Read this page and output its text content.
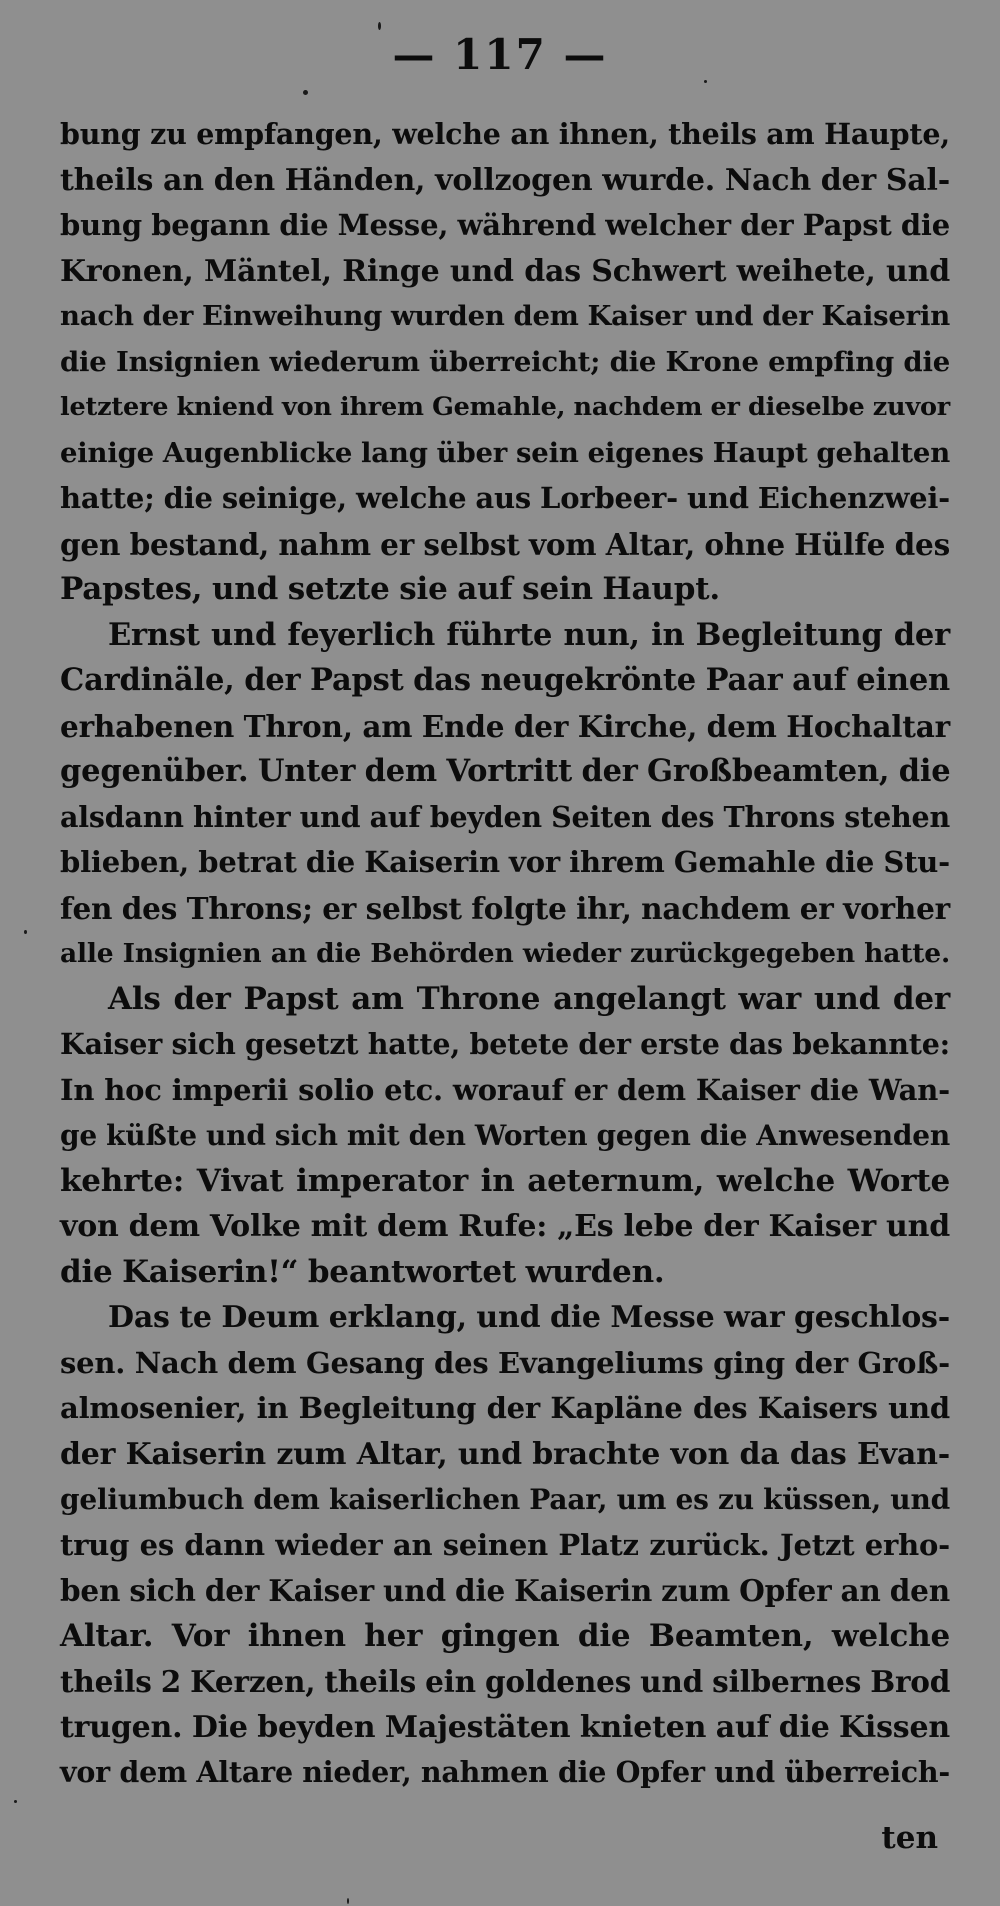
— 117 —
bung zu empfangen, welche an ihnen, theils am Haupte,
theils an den Händen, vollzogen wurde. Nach der Sal-
bung begann die Messe, während welcher der Papst die
Kronen, Mäntel, Ringe und das Schwert weihete, und
nach der Einweihung wurden dem Kaiser und der Kaiserin
die Insignien wiederum überreicht; die Krone empfing die
letztere kniend von ihrem Gemahle, nachdem er dieselbe zuvor
einige Augenblicke lang über sein eigenes Haupt gehalten
hatte; die seinige, welche aus Lorbeer- und Eichenzwei-
gen bestand, nahm er selbst vom Altar, ohne Hülfe des
Papstes, und setzte sie auf sein Haupt.
Ernst und feyerlich führte nun, in Begleitung der
Cardinäle, der Papst das neugekrönte Paar auf einen
erhabenen Thron, am Ende der Kirche, dem Hochaltar
gegenüber. Unter dem Vortritt der Großbeamten, die
alsdann hinter und auf beyden Seiten des Throns stehen
blieben, betrat die Kaiserin vor ihrem Gemahle die Stu-
fen des Throns; er selbst folgte ihr, nachdem er vorher
alle Insignien an die Behörden wieder zurückgegeben hatte.
Als der Papst am Throne angelangt war und der
Kaiser sich gesetzt hatte, betete der erste das bekannte:
In hoc imperii solio etc. worauf er dem Kaiser die Wan-
ge küßte und sich mit den Worten gegen die Anwesenden
kehrte: Vivat imperator in aeternum, welche Worte
von dem Volke mit dem Rufe: „Es lebe der Kaiser und
die Kaiserin!“ beantwortet wurden.
Das te Deum erklang, und die Messe war geschlos-
sen. Nach dem Gesang des Evangeliums ging der Groß-
almosenier, in Begleitung der Kapläne des Kaisers und
der Kaiserin zum Altar, und brachte von da das Evan-
geliumbuch dem kaiserlichen Paar, um es zu küssen, und
trug es dann wieder an seinen Platz zurück. Jetzt erho-
ben sich der Kaiser und die Kaiserin zum Opfer an den
Altar. Vor ihnen her gingen die Beamten, welche
theils 2 Kerzen, theils ein goldenes und silbernes Brod
trugen. Die beyden Majestäten knieten auf die Kissen
vor dem Altare nieder, nahmen die Opfer und überreich-
ten
